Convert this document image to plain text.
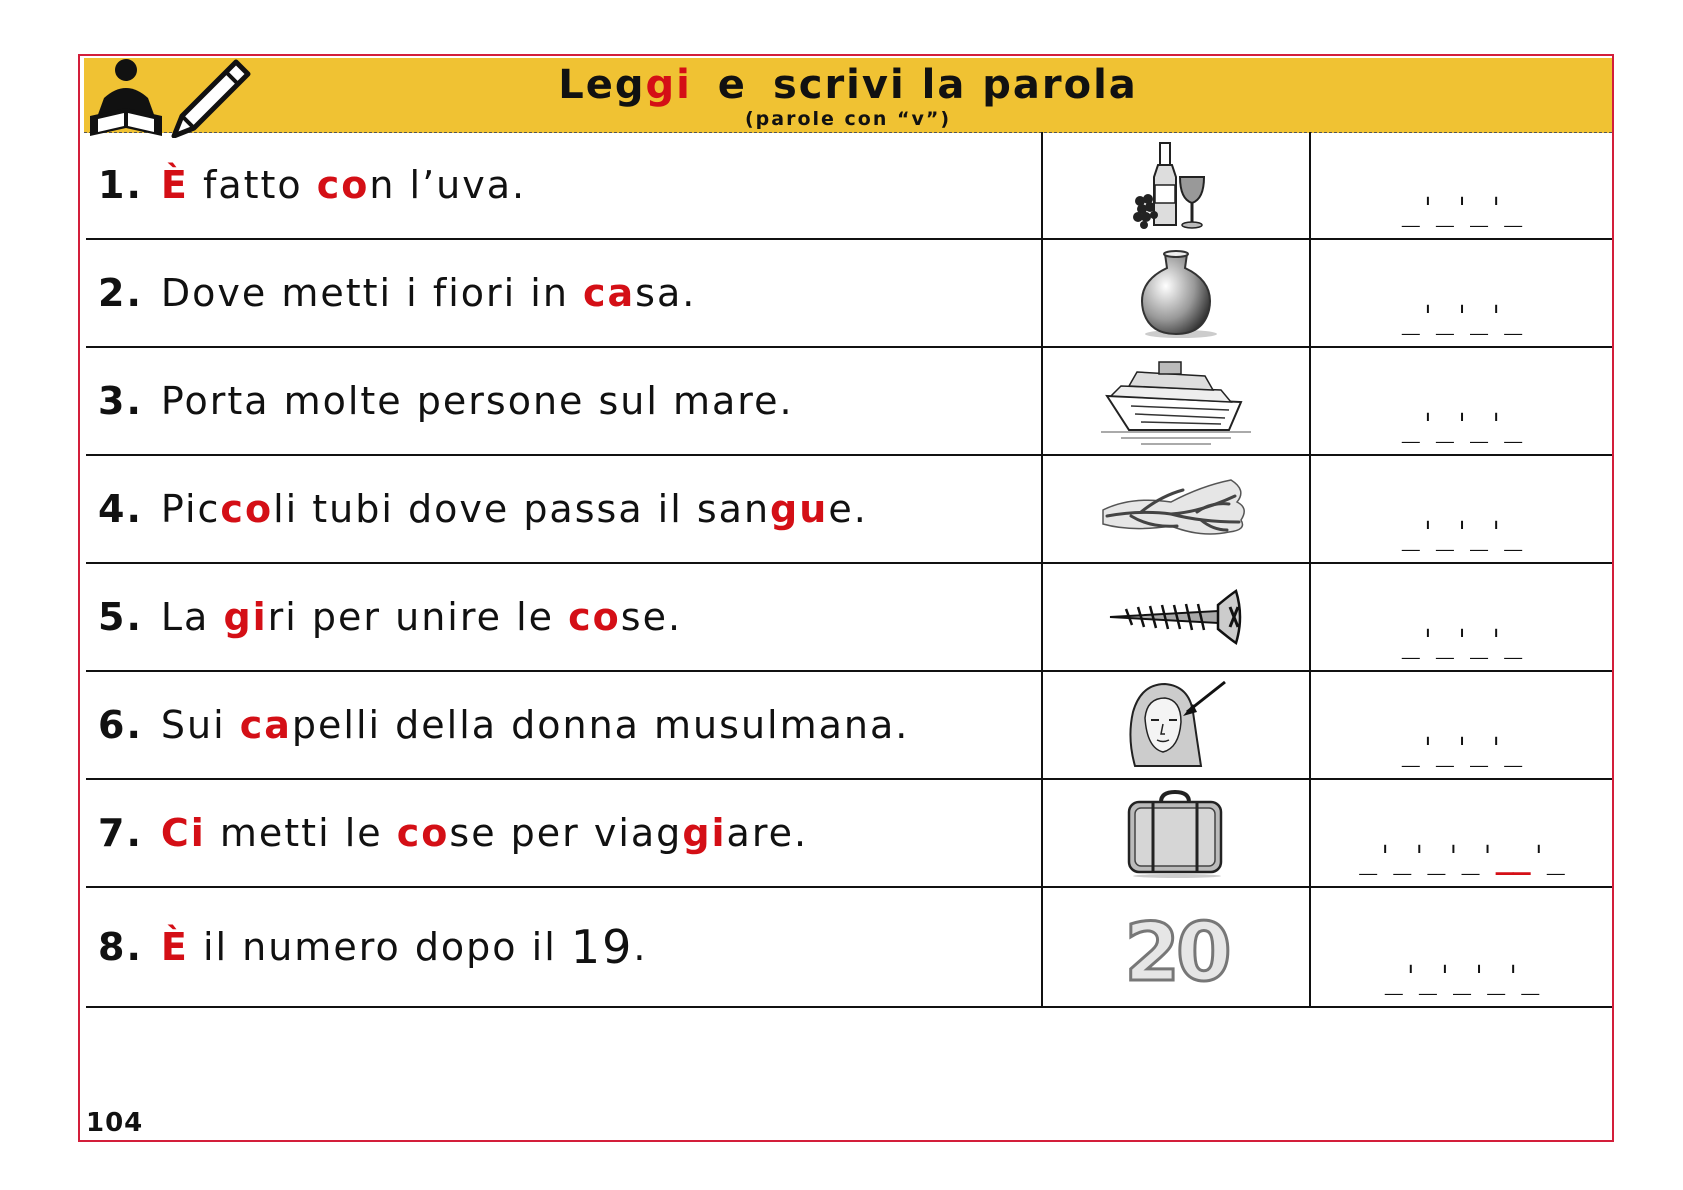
Leggi e scrivi la parola
(parole con “v”)
1. È fatto co n l’uva.
_ˈ_ˈ_ˈ_
2. Dove metti i fiori in ca sa.
_ˈ_ˈ_ˈ_
3. Porta molte persone sul mare.
_ˈ_ˈ_ˈ_
4. Pic co li tubi dove passa il san gu e.
_ˈ_ˈ_ˈ_
5. La gi ri per unire le co se.
_ˈ_ˈ_ˈ_
6. Sui ca pelli della donna musulmana.
_ˈ_ˈ_ˈ_
7. Ci metti le co se per viag gi are.
_ˈ_ˈ_ˈ_ˈ__ˈ_
8. È il numero dopo il 19 .	20	_ˈ_ˈ_ˈ_ˈ_
104
